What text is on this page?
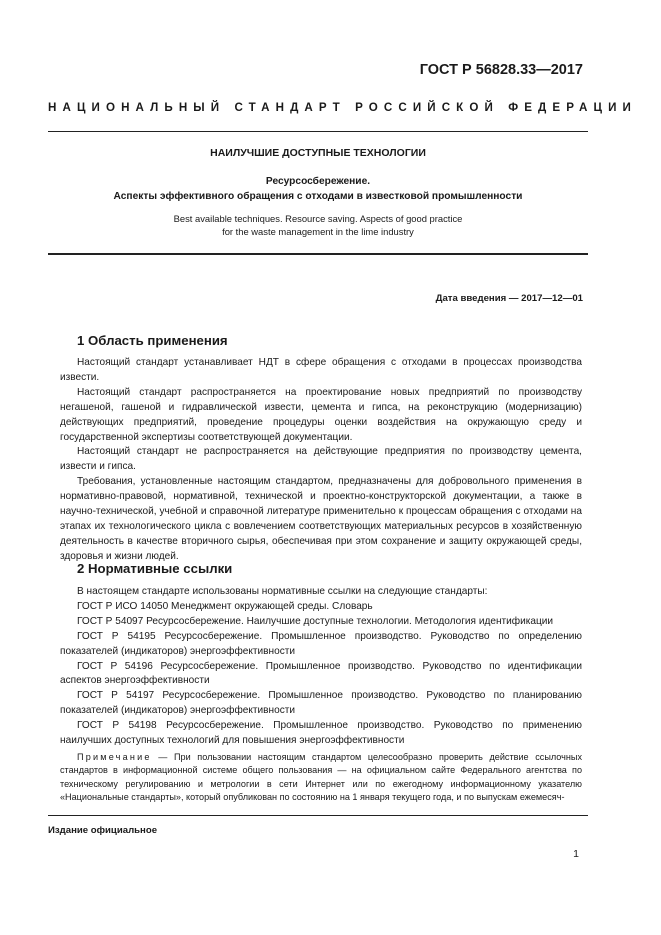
ГОСТ Р 56828.33—2017
НАЦИОНАЛЬНЫЙ СТАНДАРТ РОССИЙСКОЙ ФЕДЕРАЦИИ
НАИЛУЧШИЕ ДОСТУПНЫЕ ТЕХНОЛОГИИ
Ресурсосбережение.
Аспекты эффективного обращения с отходами в известковой промышленности
Best available techniques. Resource saving. Aspects of good practice
for the waste management in the lime industry
Дата введения — 2017—12—01
1 Область применения

Настоящий стандарт устанавливает НДТ в сфере обращения с отходами в процессах производства извести.

Настоящий стандарт распространяется на проектирование новых предприятий по производству негашеной, гашеной и гидравлической извести, цемента и гипса, на реконструкцию (модернизацию) действующих предприятий, проведение процедуры оценки воздействия на окружающую среду и государственной экспертизы соответствующей документации.

Настоящий стандарт не распространяется на действующие предприятия по производству цемента, извести и гипса.

Требования, установленные настоящим стандартом, предназначены для добровольного применения в нормативно-правовой, нормативной, технической и проектно-конструкторской документации, а также в научно-технической, учебной и справочной литературе применительно к процессам обращения с отходами на этапах их технологического цикла с вовлечением соответствующих материальных ресурсов в хозяйственную деятельность в качестве вторичного сырья, обеспечивая при этом сохранение и защиту окружающей среды, здоровья и жизни людей.

2 Нормативные ссылки

В настоящем стандарте использованы нормативные ссылки на следующие стандарты:

ГОСТ Р ИСО 14050 Менеджмент окружающей среды. Словарь

ГОСТ Р 54097 Ресурсосбережение. Наилучшие доступные технологии. Методология идентификации

ГОСТ Р 54195 Ресурсосбережение. Промышленное производство. Руководство по определению показателей (индикаторов) энергоэффективности

ГОСТ Р 54196 Ресурсосбережение. Промышленное производство. Руководство по идентификации аспектов энергоэффективности

ГОСТ Р 54197 Ресурсосбережение. Промышленное производство. Руководство по планированию показателей (индикаторов) энергоэффективности

ГОСТ Р 54198 Ресурсосбережение. Промышленное производство. Руководство по применению наилучших доступных технологий для повышения энергоэффективности

Примечание — При пользовании настоящим стандартом целесообразно проверить действие ссылочных стандартов в информационной системе общего пользования — на официальном сайте Федерального агентства по техническому регулированию и метрологии в сети Интернет или по ежегодному информационному указателю «Национальные стандарты», который опубликован по состоянию на 1 января текущего года, и по выпускам ежемесяч-

Издание официальное
1
